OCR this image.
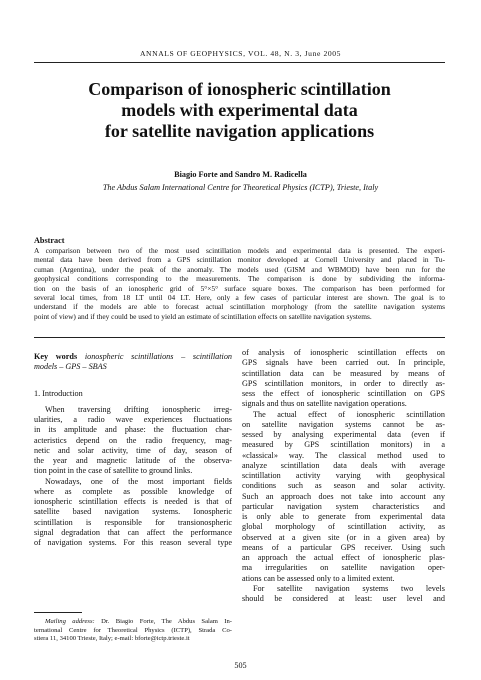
ANNALS OF GEOPHYSICS, VOL. 48, N. 3, June 2005
Comparison of ionospheric scintillation
models with experimental data
for satellite navigation applications
Biagio Forte and Sandro M. Radicella
The Abdus Salam International Centre for Theoretical Physics (ICTP), Trieste, Italy
Abstract
A comparison between two of the most used scintillation models and experimental data is presented. The experi-
mental data have been derived from a GPS scintillation monitor developed at Cornell University and placed in Tu-
cuman (Argentina), under the peak of the anomaly. The models used (GISM and WBMOD) have been run for the
geophysical conditions corresponding to the measurements. The comparison is done by subdividing the informa-
tion on the basis of an ionospheric grid of 5°×5° surface square boxes. The comparison has been performed for
several local times, from 18 LT until 04 LT. Here, only a few cases of particular interest are shown. The goal is to
understand if the models are able to forecast actual scintillation morphology (from the satellite navigation systems
point of view) and if they could be used to yield an estimate of scintillation effects on satellite navigation systems.
Key words ionospheric scintillations – scintillation
models – GPS – SBAS
1. Introduction
When traversing drifting ionospheric irreg-
ularities, a radio wave experiences fluctuations
in its amplitude and phase: the fluctuation char-
acteristics depend on the radio frequency, mag-
netic and solar activity, time of day, season of
the year and magnetic latitude of the observa-
tion point in the case of satellite to ground links.
Nowadays, one of the most important fields
where as complete as possible knowledge of
ionospheric scintillation effects is needed is that of
satellite based navigation systems. Ionospheric
scintillation is responsible for transionospheric
signal degradation that can affect the performance
of navigation systems. For this reason several type
Mailing address: Dr. Biagio Forte, The Abdus Salam In-
ternational Centre for Theoretical Physics (ICTP), Strada Co-
stiera 11, 34100 Trieste, Italy; e-mail: bforte@ictp.trieste.it
of analysis of ionospheric scintillation effects on
GPS signals have been carried out. In principle,
scintillation data can be measured by means of
GPS scintillation monitors, in order to directly as-
sess the effect of ionospheric scintillation on GPS
signals and thus on satellite navigation operations.
The actual effect of ionospheric scintillation
on satellite navigation systems cannot be as-
sessed by analysing experimental data (even if
measured by GPS scintillation monitors) in a
«classical» way. The classical method used to
analyze scintillation data deals with average
scintillation activity varying with geophysical
conditions such as season and solar activity.
Such an approach does not take into account any
particular navigation system characteristics and
is only able to generate from experimental data
global morphology of scintillation activity, as
observed at a given site (or in a given area) by
means of a particular GPS receiver. Using such
an approach the actual effect of ionospheric plas-
ma irregularities on satellite navigation oper-
ations can be assessed only to a limited extent.
For satellite navigation systems two levels
should be considered at least: user level and
505
